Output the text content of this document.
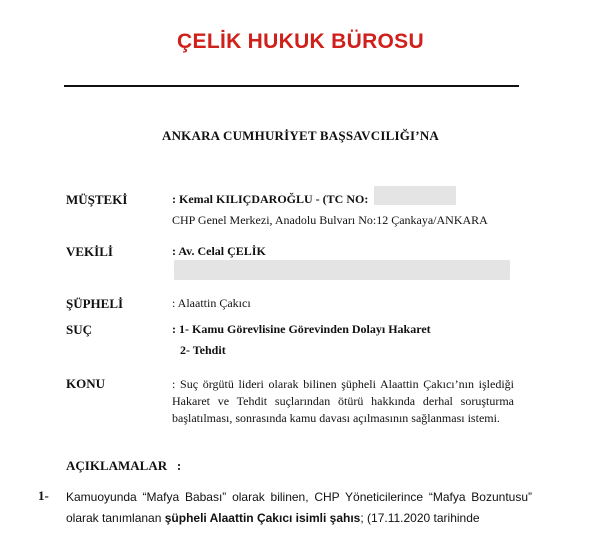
ÇELİK HUKUK BÜROSU
ANKARA CUMHURİYET BAŞSAVCILIĞI’NA
MÜŞTEKİ	: Kemal KILIÇDAROĞLU - (TC NO:
CHP Genel Merkezi, Anadolu Bulvarı No:12 Çankaya/ANKARA
VEKİLİ	: Av. Celal ÇELİK
ŞÜPHELİ	: Alaattin Çakıcı
SUÇ	: 1- Kamu Görevlisine Görevinden Dolayı Hakaret
2- Tehdit
KONU	: Suç örgütü lideri olarak bilinen şüpheli Alaattin Çakıcı’nın işlediği Hakaret ve Tehdit suçlarından ötürü hakkında derhal soruşturma başlatılması, sonrasında kamu davası açılmasının sağlanması istemi.

AÇIKLAMALAR   :
1- Kamuoyunda “Mafya Babası” olarak bilinen, CHP Yöneticilerince “Mafya Bozuntusu” olarak tanımlanan şüpheli Alaattin Çakıcı isimli şahıs; (17.11.2020 tarihinde
